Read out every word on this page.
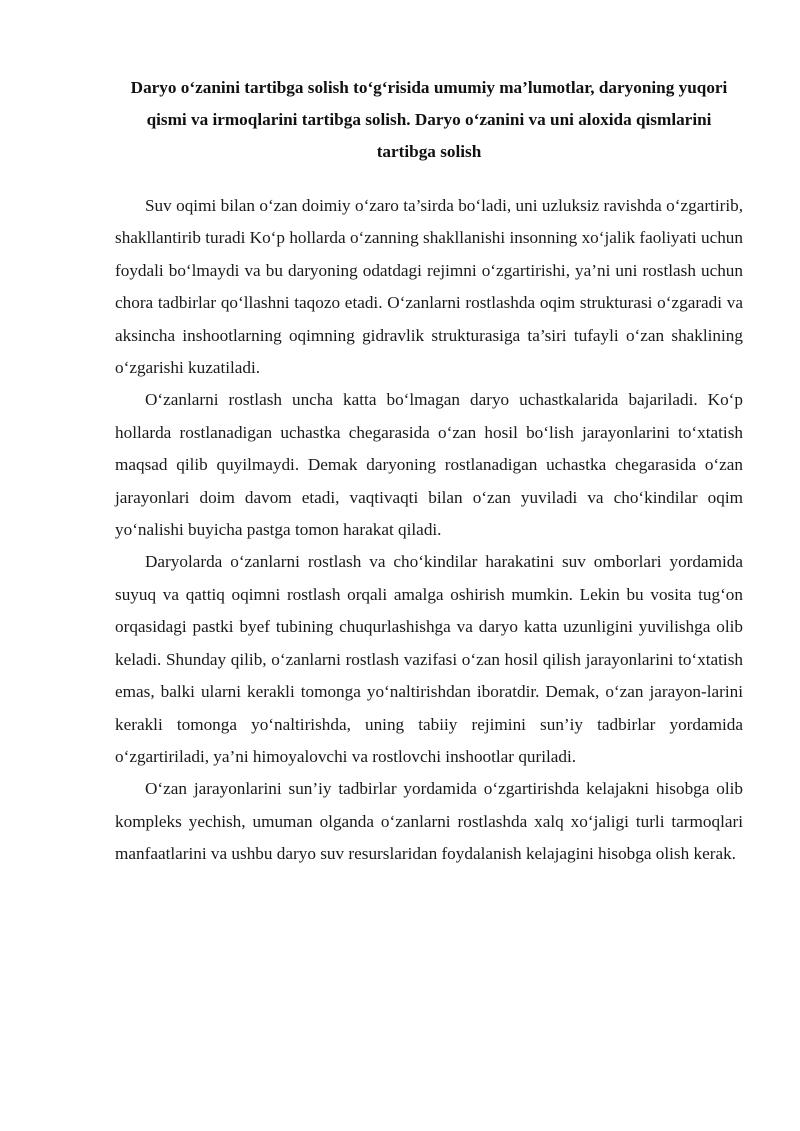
Daryo o‘zanini tartibga solish to‘g‘risida umumiy ma’lumotlar, daryoning yuqori qismi va irmoqlarini tartibga solish. Daryo o‘zanini va uni aloxida qismlarini tartibga solish

Suv oqimi bilan o‘zan doimiy o‘zaro ta’sirda bo‘ladi, uni uzluksiz ravishda o‘zgartirib, shakllantirib turadi Ko‘p hollarda o‘zanning shakllanishi insonning xo‘jalik faoliyati uchun foydali bo‘lmaydi va bu daryoning odatdagi rejimni o‘zgartirishi, ya’ni uni rostlash uchun chora tadbirlar qo‘llashni taqozo etadi. O‘zanlarni rostlashda oqim strukturasi o‘zgaradi va aksincha inshootlarning oqimning gidravlik strukturasiga ta’siri tufayli o‘zan shaklining o‘zgarishi kuzatiladi.

O‘zanlarni rostlash uncha katta bo‘lmagan daryo uchastkalarida bajariladi. Ko‘p hollarda rostlanadigan uchastka chegarasida o‘zan hosil bo‘lish jarayonlarini to‘xtatish maqsad qilib quyilmaydi. Demak daryoning rostlanadigan uchastka chegarasida o‘zan jarayonlari doim davom etadi, vaqtivaqti bilan o‘zan yuviladi va cho‘kindilar oqim yo‘nalishi buyicha pastga tomon harakat qiladi.

Daryolarda o‘zanlarni rostlash va cho‘kindilar harakatini suv omborlari yordamida suyuq va qattiq oqimni rostlash orqali amalga oshirish mumkin. Lekin bu vosita tug‘on orqasidagi pastki byef tubining chuqurlashishga va daryo katta uzunligini yuvilishga olib keladi. Shunday qilib, o‘zanlarni rostlash vazifasi o‘zan hosil qilish jarayonlarini to‘xtatish emas, balki ularni kerakli tomonga yo‘naltirishdan iboratdir. Demak, o‘zan jarayon-larini kerakli tomonga yo‘naltirishda, uning tabiiy rejimini sun’iy tadbirlar yordamida o‘zgartiriladi, ya’ni himoyalovchi va rostlovchi inshootlar quriladi.

O‘zan jarayonlarini sun’iy tadbirlar yordamida o‘zgartirishda kelajakni hisobga olib kompleks yechish, umuman olganda o‘zanlarni rostlashda xalq xo‘jaligi turli tarmoqlari manfaatlarini va ushbu daryo suv resurslaridan foydalanish kelajagini hisobga olish kerak.
